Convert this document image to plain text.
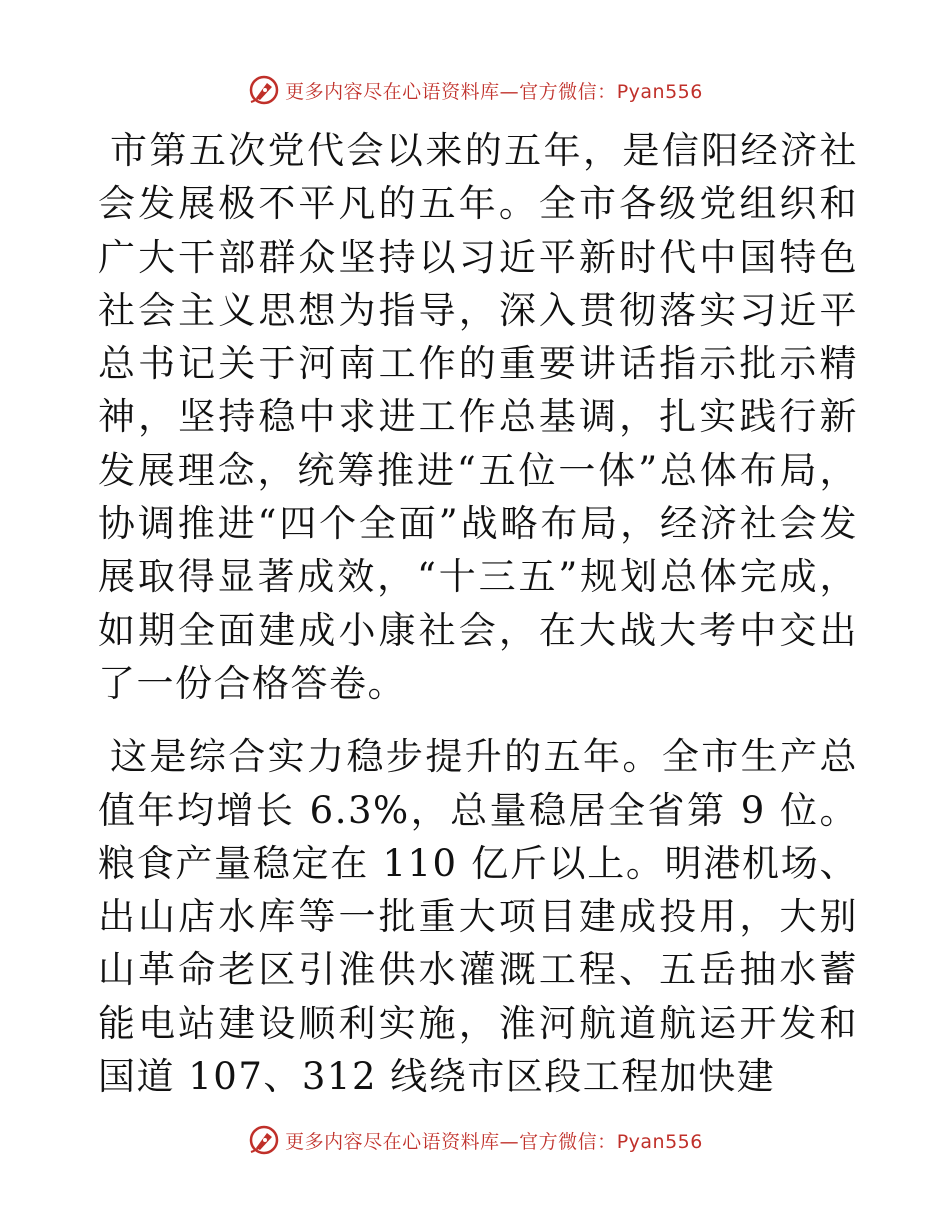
更多内容尽在心语资料库—官方微信：Pyan556

市第五次党代会以来的五年，是信阳经济社会发展极不平凡的五年。全市各级党组织和广大干部群众坚持以习近平新时代中国特色社会主义思想为指导，深入贯彻落实习近平总书记关于河南工作的重要讲话指示批示精神，坚持稳中求进工作总基调，扎实践行新发展理念，统筹推进“五位一体”总体布局，协调推进“四个全面”战略布局，经济社会发展取得显著成效，“十三五”规划总体完成，如期全面建成小康社会，在大战大考中交出了一份合格答卷。

这是综合实力稳步提升的五年。全市生产总值年均增长 6.3%，总量稳居全省第 9 位。粮食产量稳定在 110 亿斤以上。明港机场、出山店水库等一批重大项目建成投用，大别山革命老区引淮供水灌溉工程、五岳抽水蓄能电站建设顺利实施，淮河航道航运开发和国道 107、312 线绕市区段工程加快建

更多内容尽在心语资料库—官方微信：Pyan556
